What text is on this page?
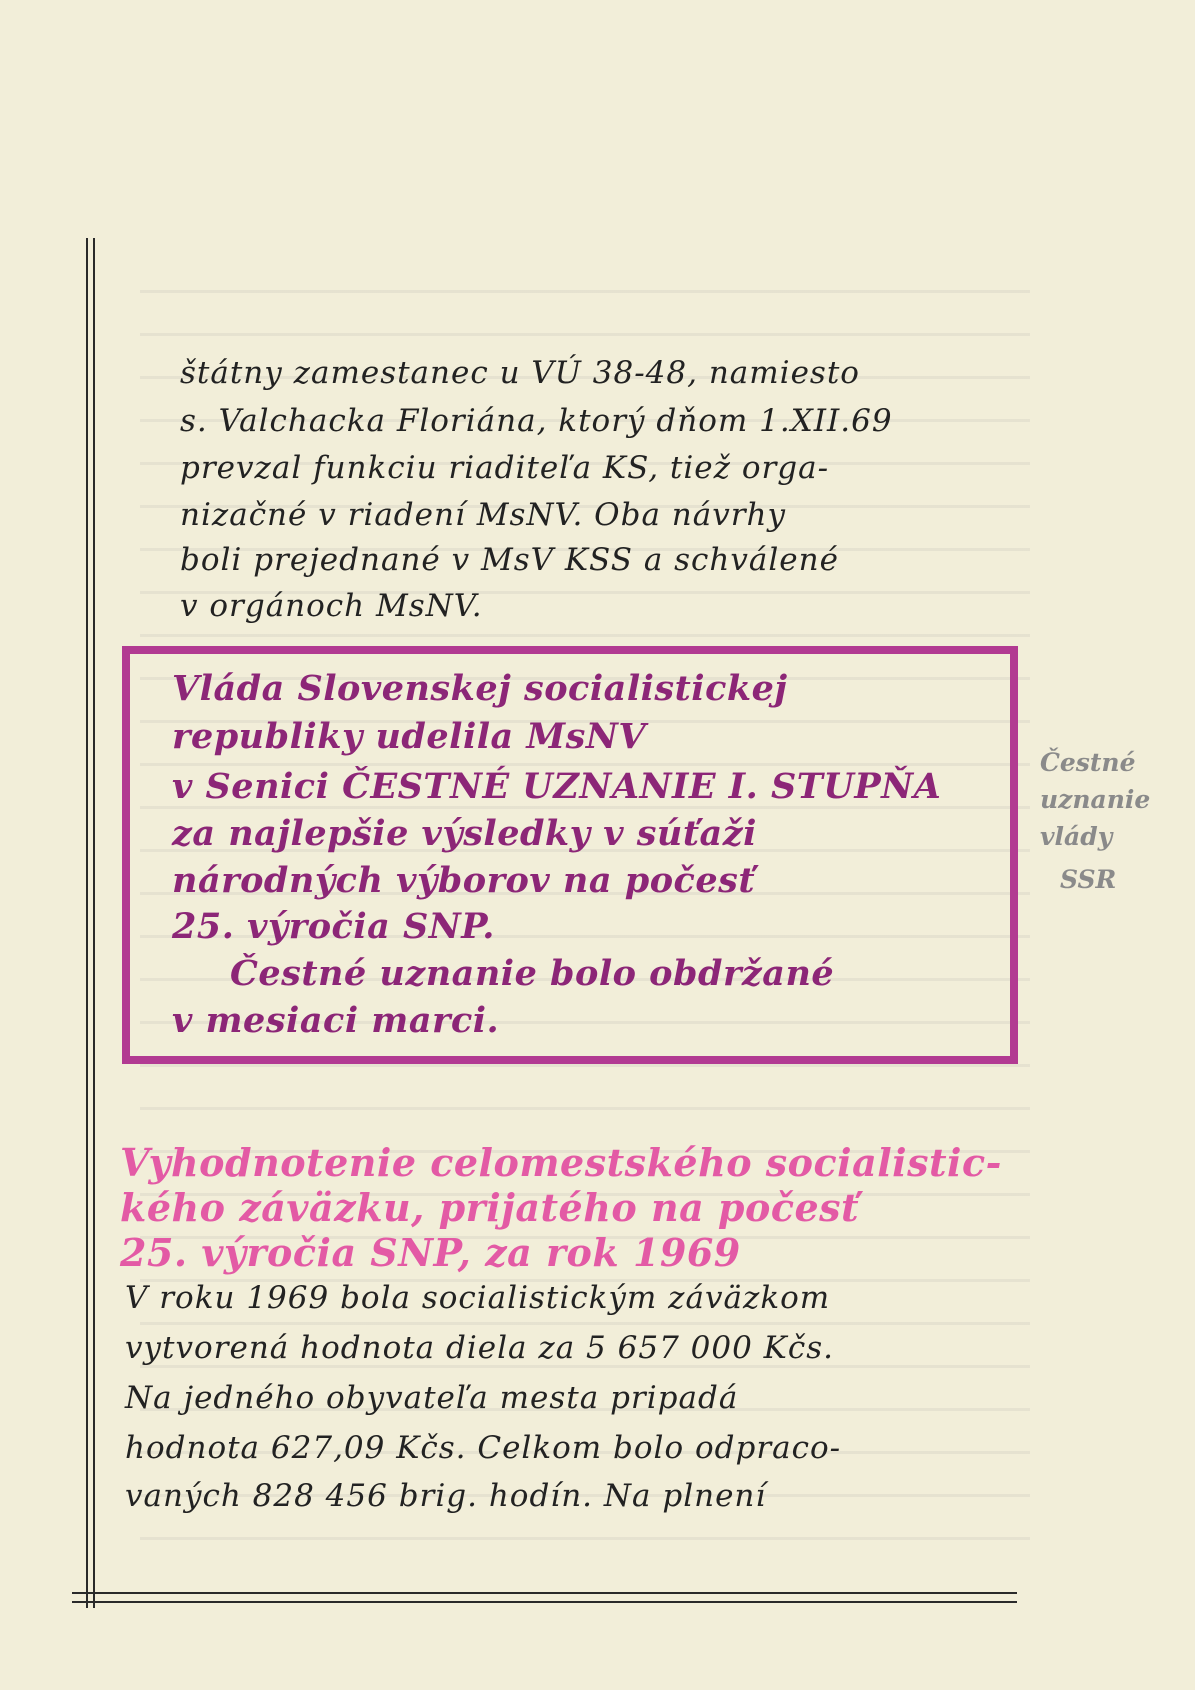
štátny zamestanec u VÚ 38-48, namiesto
s. Valchacka Floriána, ktorý dňom 1.XII.69
prevzal funkciu riaditeľa KS, tiež orga-
nizačné v riadení MsNV. Oba návrhy
boli prejednané v MsV KSS a schválené
v orgánoch MsNV.
Vláda Slovenskej socialistickej
republiky udelila MsNV
v Senici ČESTNÉ UZNANIE I. STUPŇA
za najlepšie výsledky v súťaži
národných výborov na počesť
25. výročia SNP.
Čestné uznanie bolo obdržané
v mesiaci marci.
Čestné
uznanie
vlády
SSR
Vyhodnotenie celomestského socialistic-
kého záväzku, prijatého na počesť
25. výročia SNP, za rok 1969
V roku 1969 bola socialistickým záväzkom
vytvorená hodnota diela za 5 657 000 Kčs.
Na jedného obyvateľa mesta pripadá
hodnota 627,09 Kčs. Celkom bolo odpraco-
vaných 828 456 brig. hodín. Na plnení
